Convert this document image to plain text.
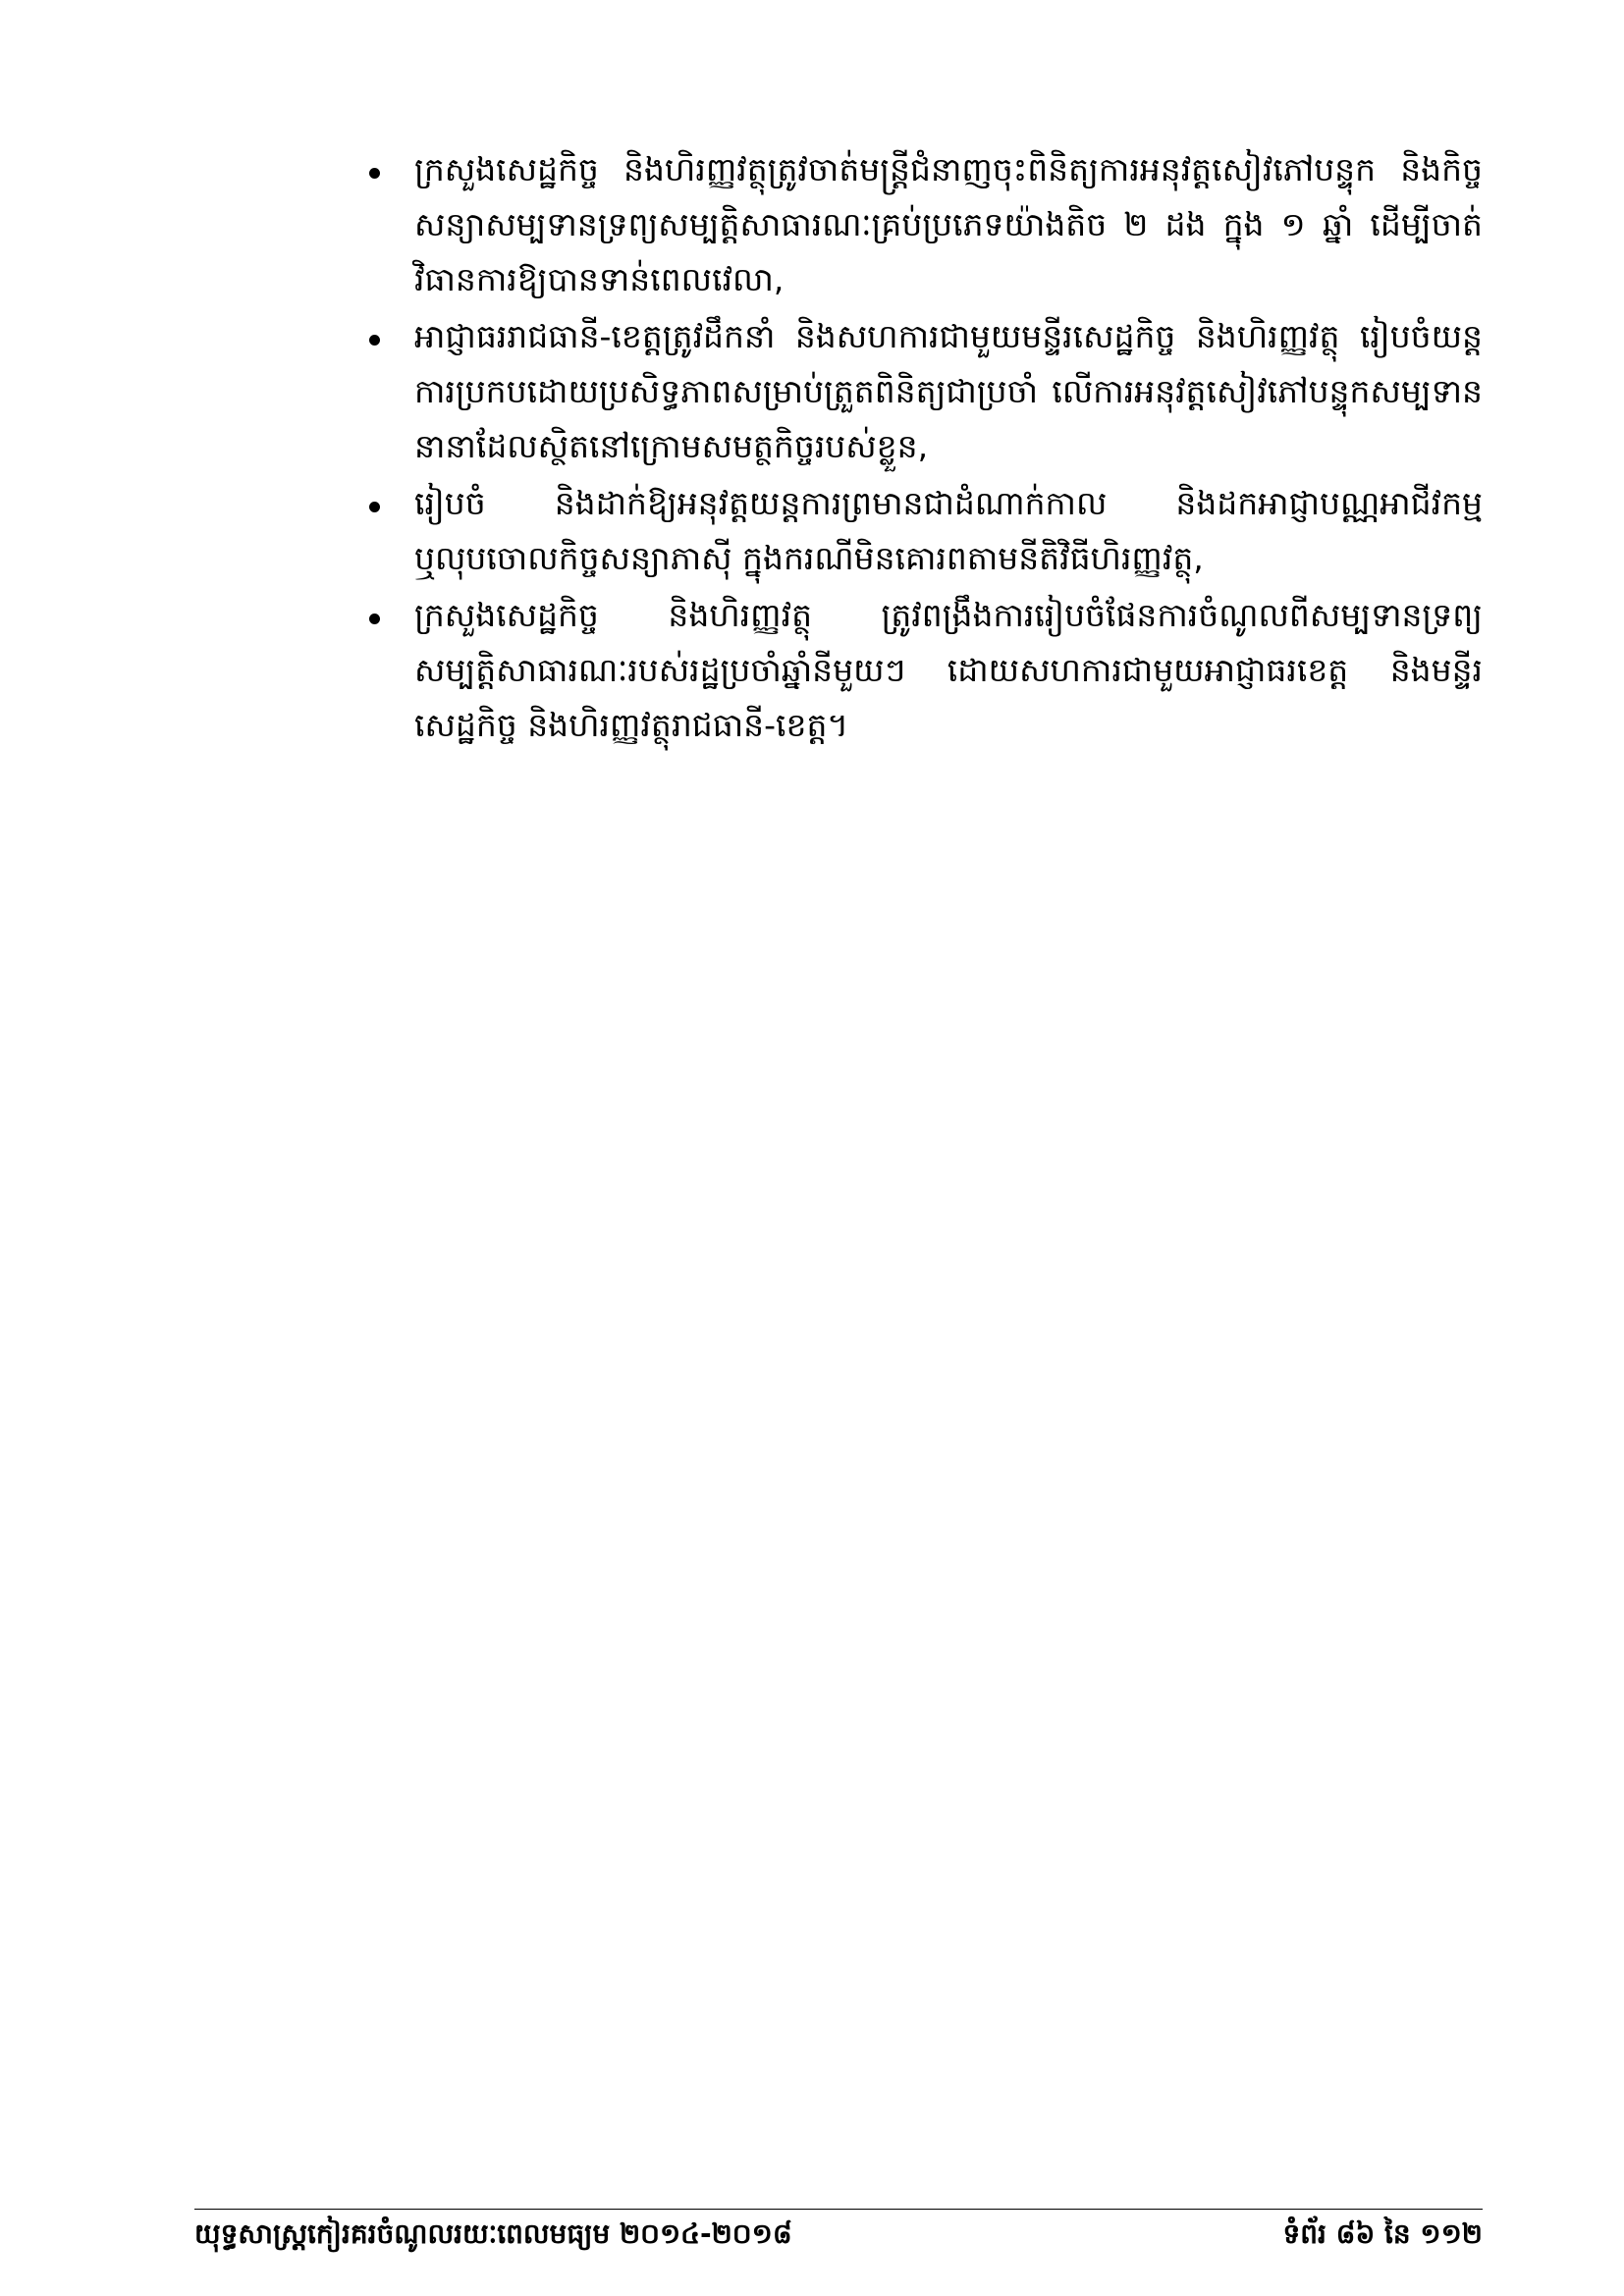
ក្រសួងសេដ្ឋកិច្ច និងហិរញ្ញវត្ថុត្រូវចាត់មន្ត្រីជំនាញចុះពិនិត្យការអនុវត្តសៀវភៅបន្ទុក និងកិច្ចសន្យាសម្បទានទ្រព្យសម្បត្តិសាធារណៈគ្រប់ប្រភេទយ៉ាងតិច ២ ដង ក្នុង ១ ឆ្នាំ ដើម្បីចាត់វិធានការឱ្យបានទាន់ពេលវេលា,
អាជ្ញាធររាជធានី-ខេត្តត្រូវដឹកនាំ និងសហការជាមួយមន្ទីរសេដ្ឋកិច្ច និងហិរញ្ញវត្ថុ រៀបចំយន្តការប្រកបដោយប្រសិទ្ធភាពសម្រាប់ត្រួតពិនិត្យជាប្រចាំ លើការអនុវត្តសៀវភៅបន្ទុកសម្បទាននានាដែលស្ថិតនៅក្រោមសមត្ថកិច្ចរបស់ខ្លួន,
រៀបចំ និងដាក់ឱ្យអនុវត្តយន្តការព្រមានជាដំណាក់កាល និងដកអាជ្ញាបណ្ណអាជីវកម្ម ឬលុបចោលកិច្ចសន្យាភាស៊ី ក្នុងករណីមិនគោរពតាមនីតិវិធីហិរញ្ញវត្ថុ,
ក្រសួងសេដ្ឋកិច្ច និងហិរញ្ញវត្ថុ ត្រូវពង្រឹងការរៀបចំផែនការចំណូលពីសម្បទានទ្រព្យសម្បត្តិសាធារណៈរបស់រដ្ឋប្រចាំឆ្នាំនីមួយៗ ដោយសហការជាមួយអាជ្ញាធរខេត្ត និងមន្ទីរសេដ្ឋកិច្ច និងហិរញ្ញវត្ថុរាជធានី-ខេត្ត។
យុទ្ធសាស្ត្រកៀរគរចំណូលរយៈពេលមធ្យម ២០១៤-២០១៨	ទំព័រ ៨៦ នៃ ១១២
